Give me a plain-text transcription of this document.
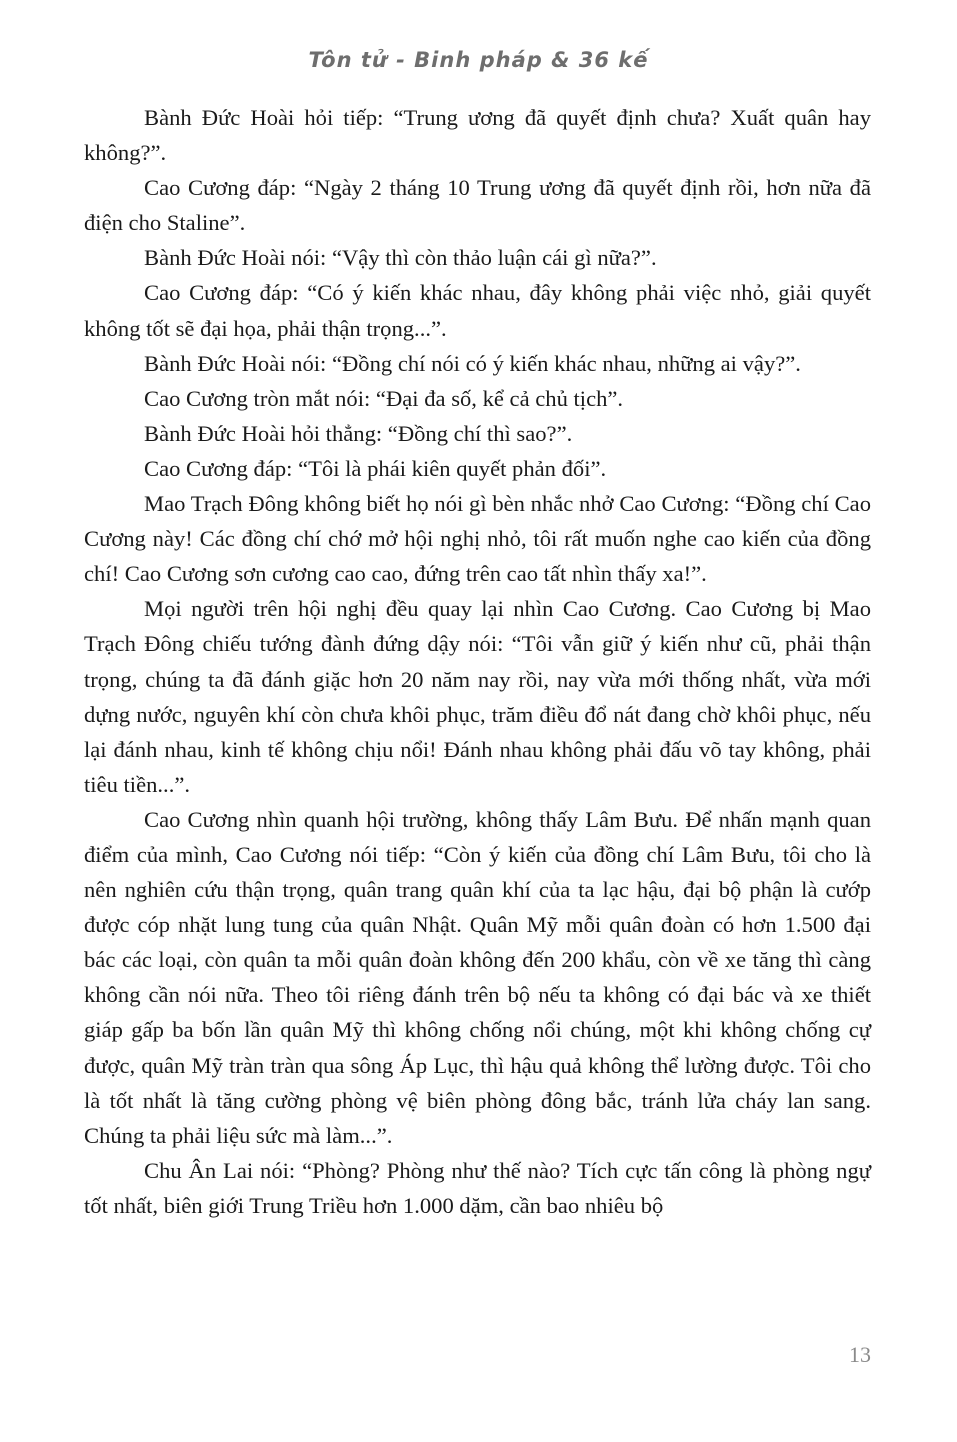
Tôn tử - Binh pháp & 36 kế

Bành Đức Hoài hỏi tiếp: “Trung ương đã quyết định chưa? Xuất quân hay không?”.

Cao Cương đáp: “Ngày 2 tháng 10 Trung ương đã quyết định rồi, hơn nữa đã điện cho Staline”.

Bành Đức Hoài nói: “Vậy thì còn thảo luận cái gì nữa?”.

Cao Cương đáp: “Có ý kiến khác nhau, đây không phải việc nhỏ, giải quyết không tốt sẽ đại họa, phải thận trọng...”.

Bành Đức Hoài nói: “Đồng chí nói có ý kiến khác nhau, những ai vậy?”.

Cao Cương tròn mắt nói: “Đại đa số, kể cả chủ tịch”.

Bành Đức Hoài hỏi thẳng: “Đồng chí thì sao?”.

Cao Cương đáp: “Tôi là phái kiên quyết phản đối”.

Mao Trạch Đông không biết họ nói gì bèn nhắc nhở Cao Cương: “Đồng chí Cao Cương này! Các đồng chí chớ mở hội nghị nhỏ, tôi rất muốn nghe cao kiến của đồng chí! Cao Cương sơn cương cao cao, đứng trên cao tất nhìn thấy xa!”.

Mọi người trên hội nghị đều quay lại nhìn Cao Cương. Cao Cương bị Mao Trạch Đông chiếu tướng đành đứng dậy nói: “Tôi vẫn giữ ý kiến như cũ, phải thận trọng, chúng ta đã đánh giặc hơn 20 năm nay rồi, nay vừa mới thống nhất, vừa mới dựng nước, nguyên khí còn chưa khôi phục, trăm điều đổ nát đang chờ khôi phục, nếu lại đánh nhau, kinh tế không chịu nổi! Đánh nhau không phải đấu võ tay không, phải tiêu tiền...”.

Cao Cương nhìn quanh hội trường, không thấy Lâm Bưu. Để nhấn mạnh quan điểm của mình, Cao Cương nói tiếp: “Còn ý kiến của đồng chí Lâm Bưu, tôi cho là nên nghiên cứu thận trọng, quân trang quân khí của ta lạc hậu, đại bộ phận là cướp được cóp nhặt lung tung của quân Nhật. Quân Mỹ mỗi quân đoàn có hơn 1.500 đại bác các loại, còn quân ta mỗi quân đoàn không đến 200 khẩu, còn về xe tăng thì càng không cần nói nữa. Theo tôi riêng đánh trên bộ nếu ta không có đại bác và xe thiết giáp gấp ba bốn lần quân Mỹ thì không chống nổi chúng, một khi không chống cự được, quân Mỹ tràn tràn qua sông Áp Lục, thì hậu quả không thể lường được. Tôi cho là tốt nhất là tăng cường phòng vệ biên phòng đông bắc, tránh lửa cháy lan sang. Chúng ta phải liệu sức mà làm...”.

Chu Ân Lai nói: “Phòng? Phòng như thế nào? Tích cực tấn công là phòng ngự tốt nhất, biên giới Trung Triều hơn 1.000 dặm, cần bao nhiêu bộ

13
